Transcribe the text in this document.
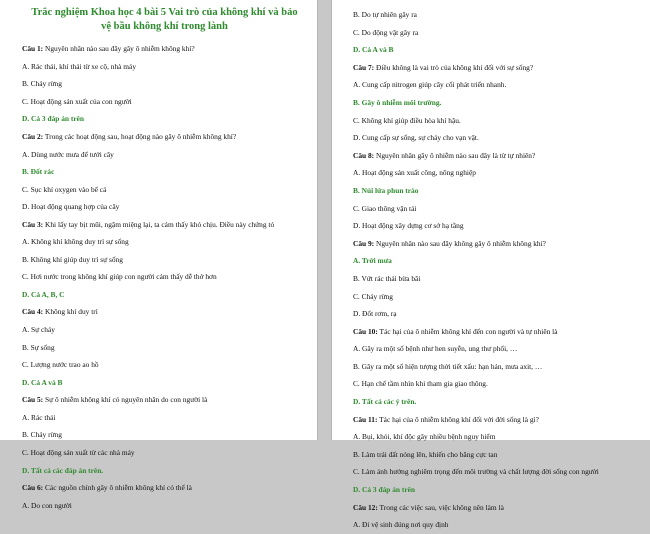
Trắc nghiệm Khoa học 4 bài 5 Vai trò của không khí và bảo
vệ bầu không khí trong lành
Câu 1: Nguyên nhân nào sau đây gây ô nhiễm không khí?
A. Rác thải, khí thải từ xe cộ, nhà máy
B. Cháy rừng
C. Hoạt động sản xuất của con người
D. Cả 3 đáp án trên
Câu 2: Trong các hoạt động sau, hoạt động nào gây ô nhiễm không khí?
A. Dùng nước mưa để tưới cây
B. Đốt rác
C. Sục khí oxygen vào bể cá
D. Hoạt động quang hợp của cây
Câu 3: Khi lấy tay bịt mũi, ngậm miệng lại, ta cảm thấy khó chịu. Điều này chứng tỏ
A. Không khí không duy trì sự sống
B. Không khí giúp duy trì sự sống
C. Hơi nước trong không khí giúp con người cảm thấy dễ thở hơn
D. Cả A, B, C
Câu 4: Không khí duy trì
A. Sự cháy
B. Sự sống
C. Lượng nước trao ao hồ
D. Cả A và B
Câu 5: Sự ô nhiễm không khí có nguyên nhân do con người là
A. Rác thải
B. Cháy rừng
C. Hoạt động sản xuất từ các nhà máy
D. Tất cả các đáp án trên.
Câu 6: Các nguồn chính gây ô nhiễm không khí có thể là
A. Do con người
B. Do tự nhiên gây ra
C. Do động vật gây ra
D. Cả A và B
Câu 7: Điều không là vai trò của không khí đối với sự sống?
A. Cung cấp nitrogen giúp cây cối phát triển nhanh.
B. Gây ô nhiễm môi trường.
C. Không khí giúp điều hòa khí hậu.
D. Cung cấp sự sống, sự cháy cho vạn vật.
Câu 8: Nguyên nhân gây ô nhiễm nào sau đây là từ tự nhiên?
A. Hoạt động sản xuất công, nông nghiệp
B. Núi lửa phun trào
C. Giao thông vận tải
D. Hoạt động xây dựng cơ sở hạ tầng
Câu 9: Nguyên nhân nào sau đây không gây ô nhiễm không khí?
A. Trời mưa
B. Vứt rác thải bừa bãi
C. Cháy rừng
D. Đốt rơm, rạ
Câu 10: Tác hại của ô nhiễm không khí đến con người và tự nhiên là
A. Gây ra một số bệnh như hen suyễn, ung thư phổi, …
B. Gây ra một số hiện tượng thời tiết xấu: hạn hán, mưa axit, …
C. Hạn chế tầm nhìn khi tham gia giao thông.
D. Tất cả các ý trên.
Câu 11: Tác hại của ô nhiễm không khí đối với đời sống là gì?
A. Bụi, khói, khí độc gây nhiều bệnh nguy hiểm
B. Làm trái đất nóng lên, khiến cho băng cực tan
C. Làm ảnh hưởng nghiêm trọng đến môi trường và chất lượng đời sống con người
D. Cả 3 đáp án trên
Câu 12: Trong các việc sau, việc không nên làm là
A. Đi vệ sinh đúng nơi quy định
